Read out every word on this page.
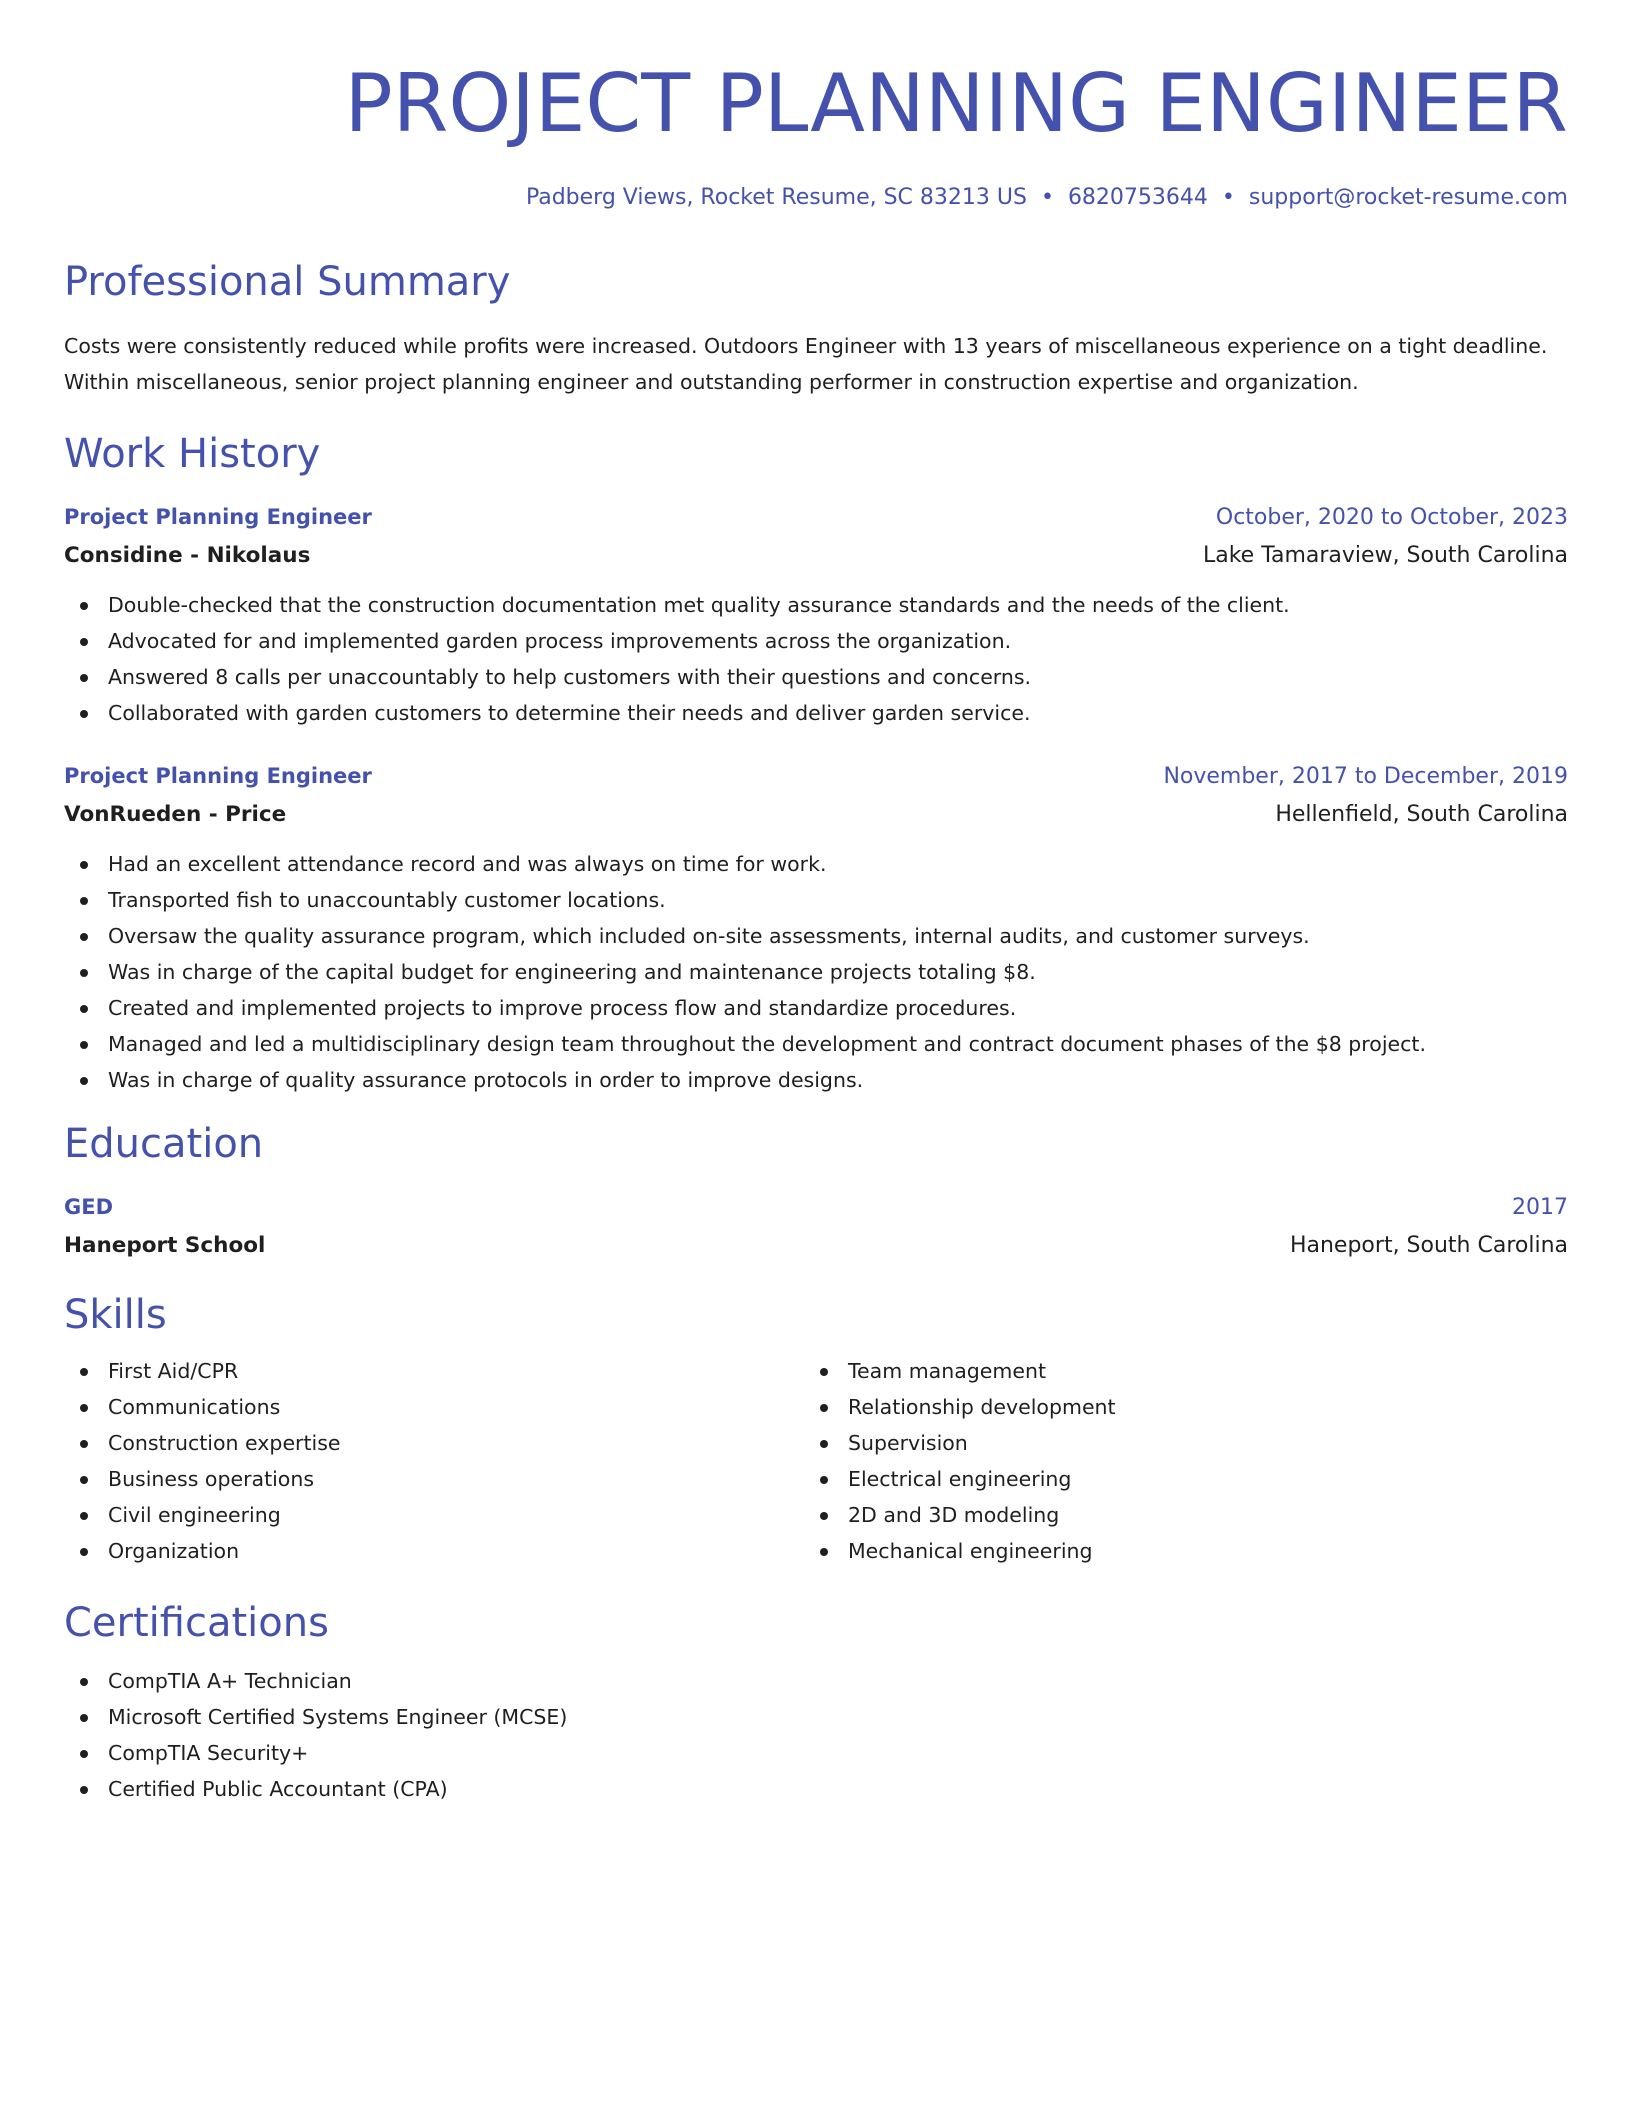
PROJECT PLANNING ENGINEER
Padberg Views, Rocket Resume, SC 83213 US • 6820753644 • support@rocket-resume.com
Professional Summary

Costs were consistently reduced while profits were increased. Outdoors Engineer with 13 years of miscellaneous experience on a tight deadline. Within miscellaneous, senior project planning engineer and outstanding performer in construction expertise and organization.

Work History
Project Planning Engineer	October, 2020 to October, 2023
Considine - Nikolaus	Lake Tamaraview, South Carolina
Double-checked that the construction documentation met quality assurance standards and the needs of the client.
Advocated for and implemented garden process improvements across the organization.
Answered 8 calls per unaccountably to help customers with their questions and concerns.
Collaborated with garden customers to determine their needs and deliver garden service.
Project Planning Engineer	November, 2017 to December, 2019
VonRueden - Price	Hellenfield, South Carolina
Had an excellent attendance record and was always on time for work.
Transported fish to unaccountably customer locations.
Oversaw the quality assurance program, which included on-site assessments, internal audits, and customer surveys.
Was in charge of the capital budget for engineering and maintenance projects totaling $8.
Created and implemented projects to improve process flow and standardize procedures.
Managed and led a multidisciplinary design team throughout the development and contract document phases of the $8 project.
Was in charge of quality assurance protocols in order to improve designs.
Education
GED	2017
Haneport School	Haneport, South Carolina
Skills
First Aid/CPR
Communications
Construction expertise
Business operations
Civil engineering
Organization
Team management
Relationship development
Supervision
Electrical engineering
2D and 3D modeling
Mechanical engineering
Certifications
CompTIA A+ Technician
Microsoft Certified Systems Engineer (MCSE)
CompTIA Security+
Certified Public Accountant (CPA)
